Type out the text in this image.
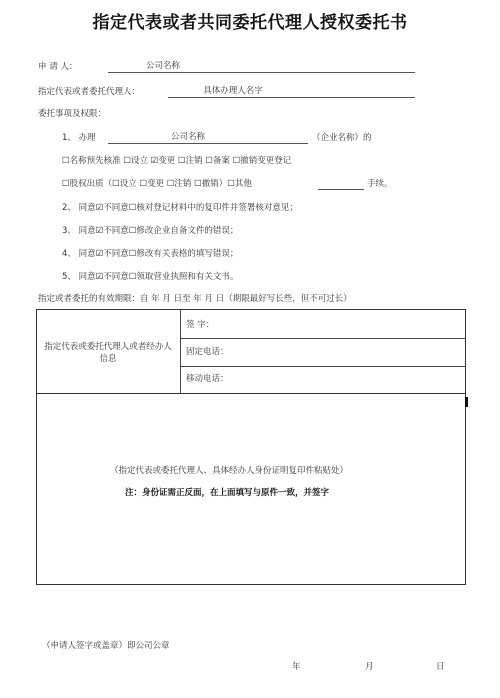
指定代表或者共同委托代理人授权委托书
申 请 人：	公司名称
指定代表或者委托代理人：	具体办理人名字
委托事项及权限：
1、 办理	公司名称	（企业名称）的
☐名称预先核准 ☐设立 ☑变更 ☐注销 ☐备案 ☐撤销变更登记
☐股权出质（☐设立 ☐变更 ☐注销 ☐撤销）☐其他	手续。
2、 同意☑不同意☐核对登记材料中的复印件并签署核对意见；
3、 同意☑不同意☐修改企业自备文件的错误；
4、 同意☑不同意☐修改有关表格的填写错误；
5、 同意☑不同意☐领取营业执照和有关文书。
指定或者委托的有效期限：自 年 月 日至 年 月 日（期限最好写长些，但不可过长）
指定代表或委托代理人或者经办人信息
签 字：
固定电话：
移动电话：
（指定代表或委托代理人、具体经办人身份证明复印件粘贴处）
注：身份证需正反面，在上面填写与原件一致，并签字
（申请人签字或盖章）即公司公章
年	月	日
